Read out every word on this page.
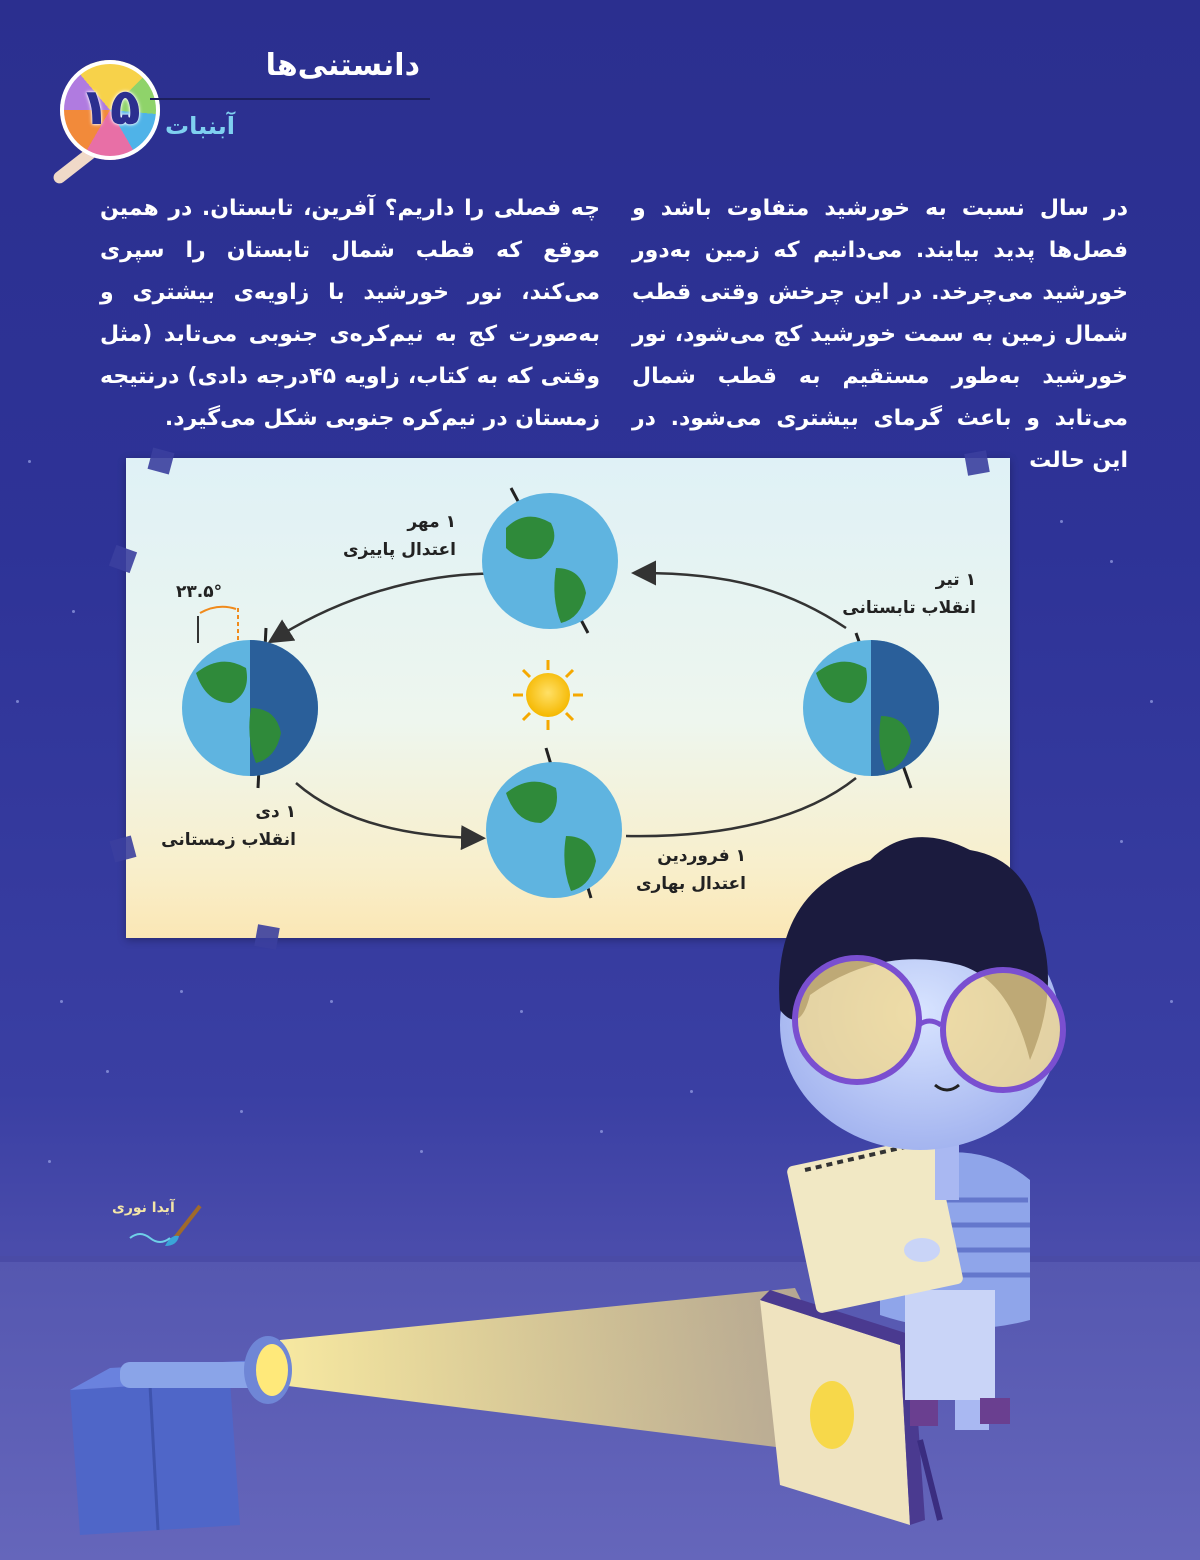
۱۵
دانستنی‌ها
آبنبات
در سال نسبت به خورشید متفاوت باشد و فصل‌ها پدید بیایند. می‌دانیم که زمین به‌دور خورشید می‌چرخد. در این چرخش وقتی قطب شمال زمین به سمت خورشید کج می‌شود، نور خورشید به‌طور مستقیم به قطب شمال می‌تابد و باعث گرمای بیشتری می‌شود. در این حالت
چه فصلی را داریم؟ آفرین، تابستان. در همین موقع که قطب شمال تابستان را سپری می‌کند، نور خورشید با زاویه‌ی بیشتری و به‌صورت کج به نیم‌کره‌ی جنوبی می‌تابد (مثل وقتی که به کتاب، زاویه ۴۵درجه دادی) درنتیجه زمستان در نیم‌کره جنوبی شکل می‌گیرد.
۱ مهر
اعتدال پاییزی
۱ تیر
انقلاب تابستانی
۱ دی
انقلاب زمستانی
۱ فروردین
اعتدال بهاری
۲۳.۵°
آیدا نوری
